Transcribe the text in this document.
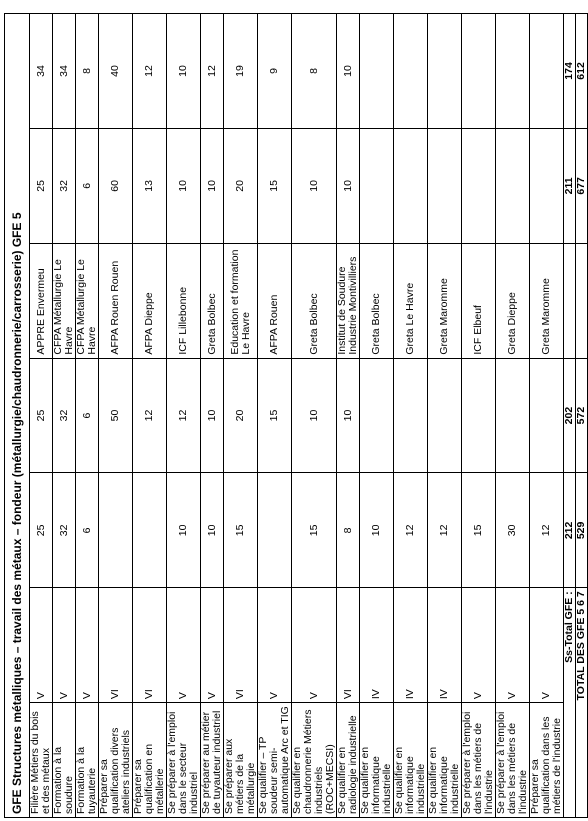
GFE Structures métalliques – travail des métaux – fondeur (métallurgie/chaudronnerie/carrosserie) GFE 5						
Filière Métiers du bois et des métaux	V	25	25	APPRE Envermeu	25	34
Formation à la soudure	V	32	32	CFPA Métallurgie Le Havre	32	34
Formation à la tuyauterie	V	6	6	CFPA Métallurgie Le Havre	6	8
Préparer sa qualification divers ateliers industriels	VI		50	AFPA Rouen Rouen	60	40
Préparer sa qualification en métallerie	VI		12	AFPA Dieppe	13	12
Se préparer à l'emploi dans le secteur industriel	V	10	12	ICF Lillebonne	10	10
Se préparer au métier de tuyauteur industriel	V	10	10	Greta Bolbec	10	12
Se préparer aux métiers de la métallurgie	VI	15	20	Education et formation Le Havre	20	19
Se qualifier – TP soudeur semi-automatique Arc et TIG	V		15	AFPA Rouen	15	9
Se qualifier en chaudronnerie Métiers industriels (ROC+MECSI)	V	15	10	Greta Bolbec	10	8
Se qualifier en radiologie industrielle	VI	8	10	Institut de Soudure Industrie Montivilliers	10	10
Se qualifier en informatique industrielle	IV	10		Greta Bolbec		
Se qualifier en informatique industrielle	IV	12		Greta Le Havre		
Se qualifier en informatique industrielle	IV	12		Greta Maromme		
Se préparer à l'emploi dans les métiers de l'industrie	V	15		ICF Elbeuf		
Se préparer à l'emploi dans les métiers de l'industrie	V	30		Greta Dieppe		
Préparer sa qualification dans les métiers de l'industrie	V	12		Greta Maromme		
Ss-Total GFE :		212	202		211	174
TOTAL DES GFE 5 6 7		529	572		677	612
